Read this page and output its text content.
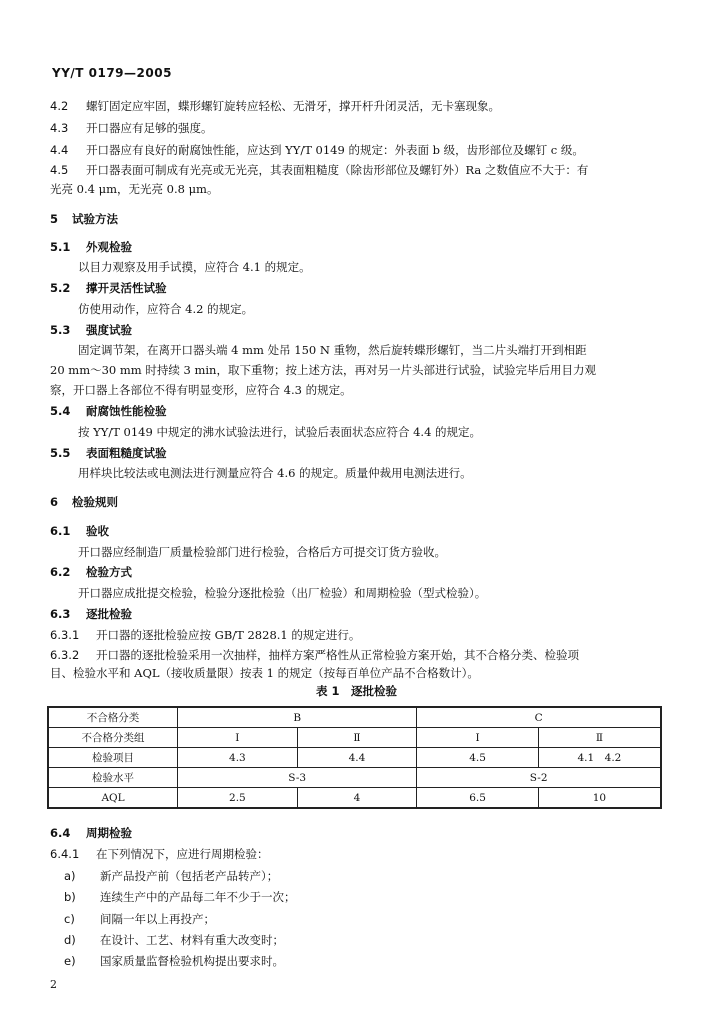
YY/T 0179—2005
4.2 螺钉固定应牢固，蝶形螺钉旋转应轻松、无滑牙，撑开杆升闭灵活，无卡塞现象。
4.3 开口器应有足够的强度。
4.4 开口器应有良好的耐腐蚀性能，应达到 YY/T 0149 的规定：外表面 b 级，齿形部位及螺钉 c 级。
4.5 开口器表面可制成有光亮或无光亮，其表面粗糙度（除齿形部位及螺钉外）Ra 之数值应不大于：有
光亮 0.4 μm，无光亮 0.8 μm。
5 试验方法
5.1 外观检验
以目力观察及用手试摸，应符合 4.1 的规定。
5.2 撑开灵活性试验
仿使用动作，应符合 4.2 的规定。
5.3 强度试验
固定调节架，在离开口器头端 4 mm 处吊 150 N 重物，然后旋转蝶形螺钉，当二片头端打开到相距
20 mm～30 mm 时持续 3 min，取下重物；按上述方法，再对另一片头部进行试验，试验完毕后用目力观
察，开口器上各部位不得有明显变形，应符合 4.3 的规定。
5.4 耐腐蚀性能检验
按 YY/T 0149 中规定的沸水试验法进行，试验后表面状态应符合 4.4 的规定。
5.5 表面粗糙度试验
用样块比较法或电测法进行测量应符合 4.6 的规定。质量仲裁用电测法进行。
6 检验规则
6.1 验收
开口器应经制造厂质量检验部门进行检验，合格后方可提交订货方验收。
6.2 检验方式
开口器应成批提交检验，检验分逐批检验（出厂检验）和周期检验（型式检验）。
6.3 逐批检验
6.3.1 开口器的逐批检验应按 GB/T 2828.1 的规定进行。
6.3.2 开口器的逐批检验采用一次抽样，抽样方案严格性从正常检验方案开始，其不合格分类、检验项
目、检验水平和 AQL（接收质量限）按表 1 的规定（按每百单位产品不合格数计）。
表 1　逐批检验
不合格分类	B		C	
不合格分类组	Ⅰ	Ⅱ	Ⅰ	Ⅱ
检验项目	4.3	4.4	4.5	4.1　4.2
检验水平	S-3		S-2	
AQL	2.5	4	6.5	10
6.4 周期检验
6.4.1 在下列情况下，应进行周期检验：
a) 新产品投产前（包括老产品转产）；
b) 连续生产中的产品每二年不少于一次；
c) 间隔一年以上再投产；
d) 在设计、工艺、材料有重大改变时；
e) 国家质量监督检验机构提出要求时。
2
